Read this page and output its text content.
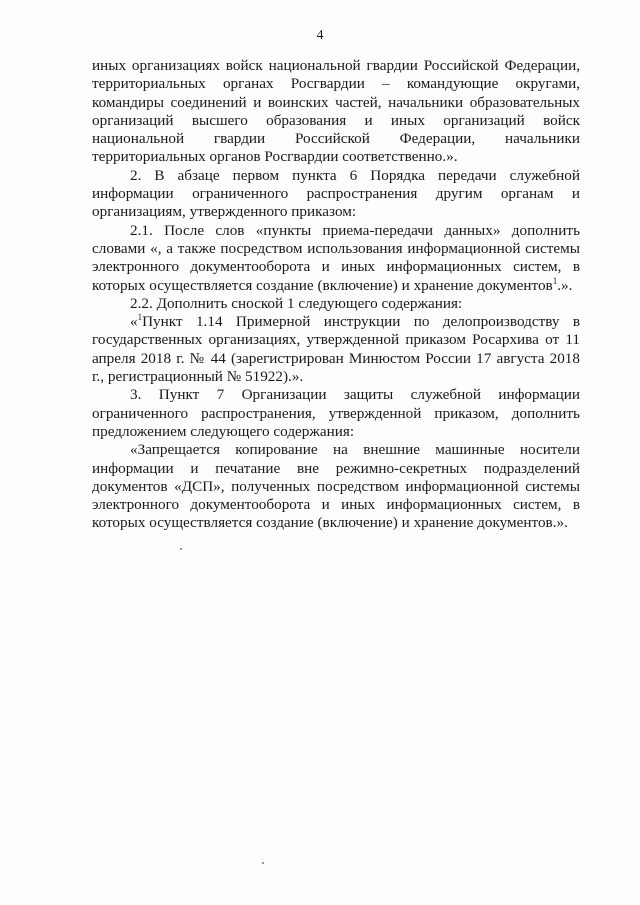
4

иных организациях войск национальной гвардии Российской Федерации, территориальных органах Росгвардии – командующие округами, командиры соединений и воинских частей, начальники образовательных организаций высшего образования и иных организаций войск национальной гвардии Российской Федерации, начальники территориальных органов Росгвардии соответственно.».

2. В абзаце первом пункта 6 Порядка передачи служебной информации ограниченного распространения другим органам и организациям, утвержденного приказом:

2.1. После слов «пункты приема-передачи данных» дополнить словами «, а также посредством использования информационной системы электронного документооборота и иных информационных систем, в которых осуществляется создание (включение) и хранение документов$^1$.».

2.2. Дополнить сноской 1 следующего содержания:

«$^1$Пункт 1.14 Примерной инструкции по делопроизводству в государственных организациях, утвержденной приказом Росархива от 11 апреля 2018 г. № 44 (зарегистрирован Минюстом России 17 августа 2018 г., регистрационный № 51922).».

3. Пункт 7 Организации защиты служебной информации ограниченного распространения, утвержденной приказом, дополнить предложением следующего содержания:

«Запрещается копирование на внешние машинные носители информации и печатание вне режимно-секретных подразделений документов «ДСП», полученных посредством информационной системы электронного документооборота и иных информационных систем, в которых осуществляется создание (включение) и хранение документов.».
